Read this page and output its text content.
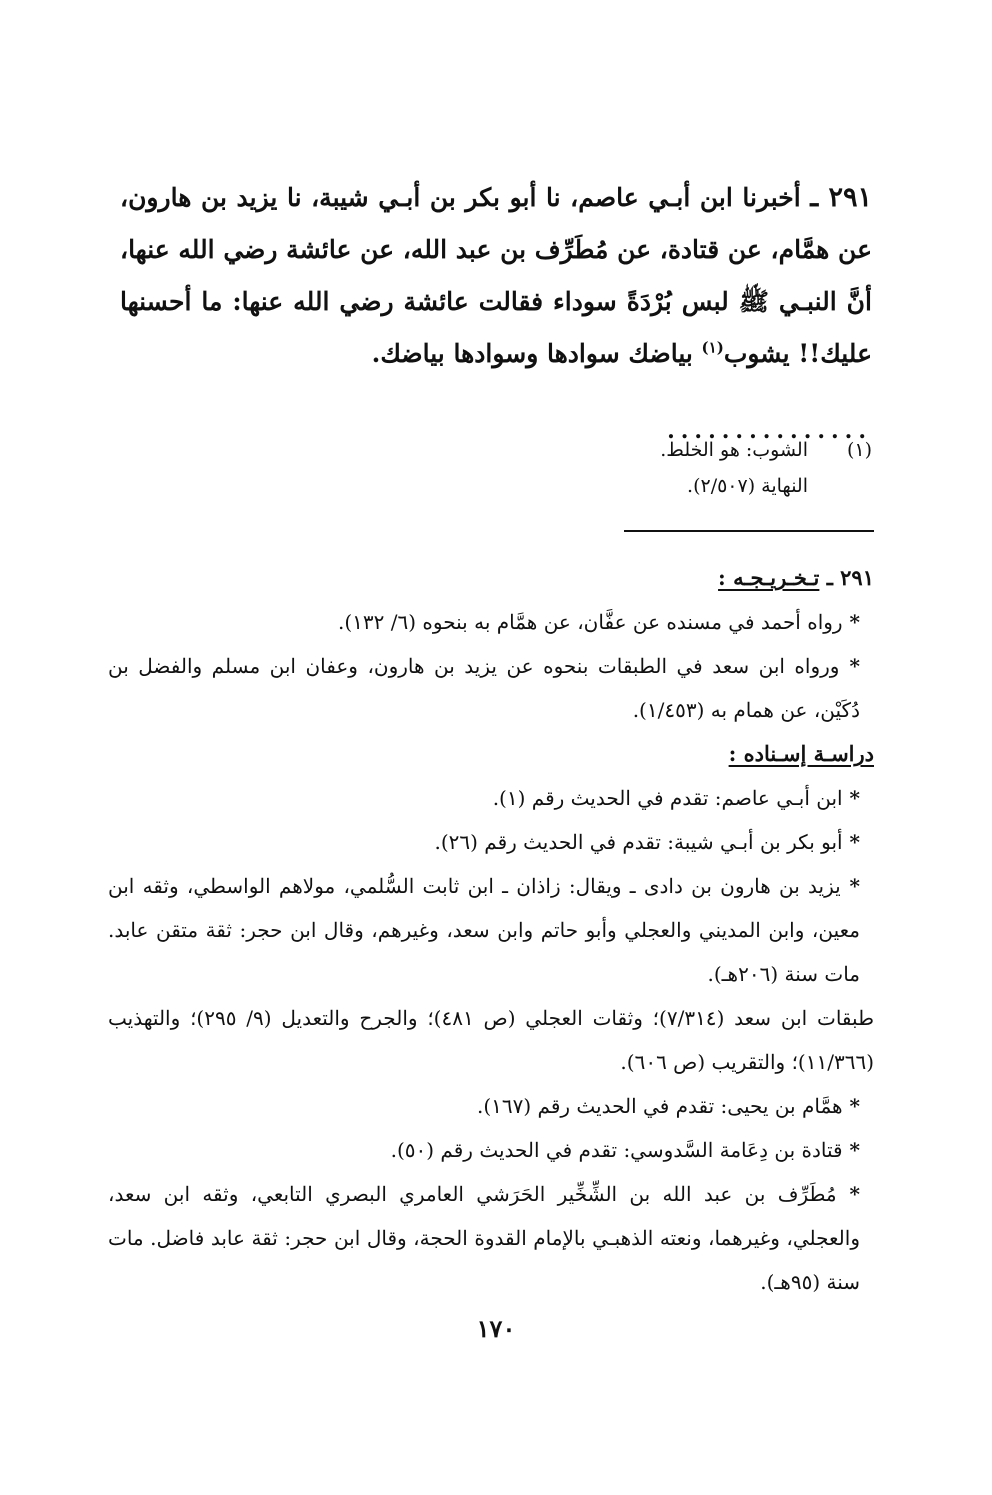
٢٩١ ـ أخبرنا ابن أبـي عاصم، نا أبو بكر بن أبـي شيبة، نا يزيد بن هارون، عن همَّام، عن قتادة، عن مُطَرِّف بن عبد الله، عن عائشة رضي الله عنها، أنَّ النبـي ﷺ لبس بُرْدَةً سوداء فقالت عائشة رضي الله عنها: ما أحسنها عليك!! يشوب$^{(١)}$ بياضك سوادها وسوادها بياضك.
...............
(١)
الشوب: هو الخلط.
النهاية (٢/٥٠٧).
٢٩١ ـ تـخـريـجـه :
* رواه أحمد في مسنده عن عفَّان، عن همَّام به بنحوه (٦/ ١٣٢).
* ورواه ابن سعد في الطبقات بنحوه عن يزيد بن هارون، وعفان ابن مسلم والفضل بن دُكَيْن، عن همام به (١/٤٥٣).
دراسـة إسـناده :
* ابن أبـي عاصم: تقدم في الحديث رقم (١).
* أبو بكر بن أبـي شيبة: تقدم في الحديث رقم (٢٦).
* يزيد بن هارون بن دادى ـ ويقال: زاذان ـ ابن ثابت السُّلمي، مولاهم الواسطي، وثقه ابن معين، وابن المديني والعجلي وأبو حاتم وابن سعد، وغيرهم، وقال ابن حجر: ثقة متقن عابد. مات سنة (٢٠٦هـ).
طبقات ابن سعد (٧/٣١٤)؛ وثقات العجلي (ص ٤٨١)؛ والجرح والتعديل (٩/ ٢٩٥)؛ والتهذيب (١١/٣٦٦)؛ والتقريب (ص ٦٠٦).
* همَّام بن يحيى: تقدم في الحديث رقم (١٦٧).
* قتادة بن دِعَامة السَّدوسي: تقدم في الحديث رقم (٥٠).
* مُطَرِّف بن عبد الله بن الشِّخِّير الحَرَشي العامري البصري التابعي، وثقه ابن سعد، والعجلي، وغيرهما، ونعته الذهبـي بالإمام القدوة الحجة، وقال ابن حجر: ثقة عابد فاضل. مات سنة (٩٥هـ).
١٧٠
